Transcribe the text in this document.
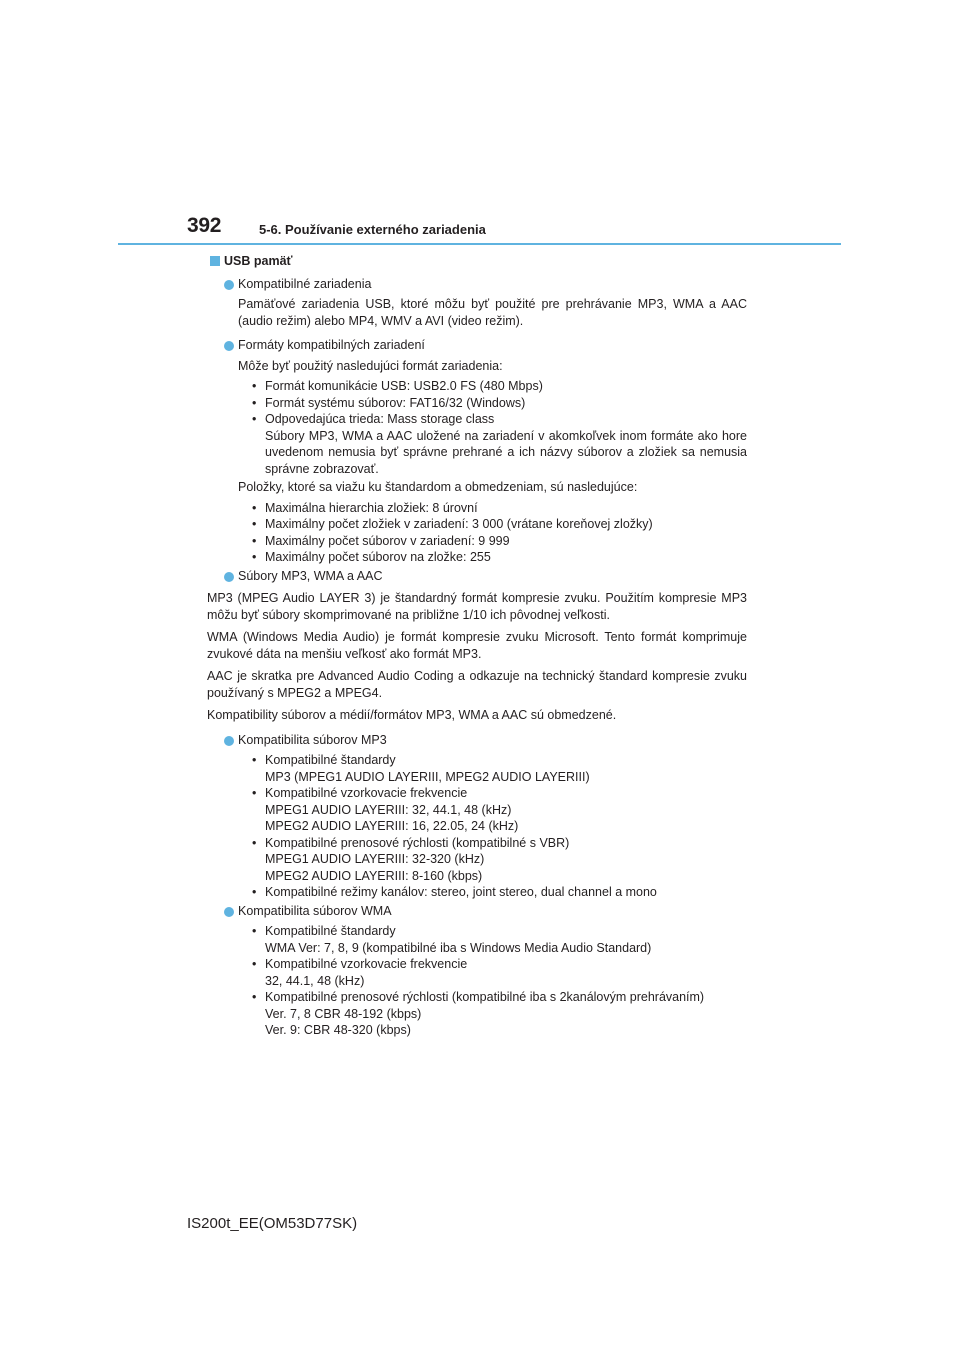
392	5-6. Používanie externého zariadenia
USB pamäť
Kompatibilné zariadenia
Pamäťové zariadenia USB, ktoré môžu byť použité pre prehrávanie MP3, WMA a AAC (audio režim) alebo MP4, WMV a AVI (video režim).
Formáty kompatibilných zariadení
Môže byť použitý nasledujúci formát zariadenia:
• Formát komunikácie USB: USB2.0 FS (480 Mbps)
• Formát systému súborov: FAT16/32 (Windows)
• Odpovedajúca trieda: Mass storage class
Súbory MP3, WMA a AAC uložené na zariadení v akomkoľvek inom formáte ako hore uvedenom nemusia byť správne prehrané a ich názvy súborov a zložiek sa nemusia správne zobrazovať.
Položky, ktoré sa viažu ku štandardom a obmedzeniam, sú nasledujúce:
• Maximálna hierarchia zložiek: 8 úrovní
• Maximálny počet zložiek v zariadení: 3 000 (vrátane koreňovej zložky)
• Maximálny počet súborov v zariadení: 9 999
• Maximálny počet súborov na zložke: 255
Súbory MP3, WMA a AAC
MP3 (MPEG Audio LAYER 3) je štandardný formát kompresie zvuku. Použitím kompresie MP3 môžu byť súbory skomprimované na približne 1/10 ich pôvodnej veľkosti.
WMA (Windows Media Audio) je formát kompresie zvuku Microsoft. Tento formát komprimuje zvukové dáta na menšiu veľkosť ako formát MP3.
AAC je skratka pre Advanced Audio Coding a odkazuje na technický štandard kompresie zvuku používaný s MPEG2 a MPEG4.
Kompatibility súborov a médií/formátov MP3, WMA a AAC sú obmedzené.
Kompatibilita súborov MP3
• Kompatibilné štandardy
MP3 (MPEG1 AUDIO LAYERIII, MPEG2 AUDIO LAYERIII)
• Kompatibilné vzorkovacie frekvencie
MPEG1 AUDIO LAYERIII: 32, 44.1, 48 (kHz)
MPEG2 AUDIO LAYERIII: 16, 22.05, 24 (kHz)
• Kompatibilné prenosové rýchlosti (kompatibilné s VBR)
MPEG1 AUDIO LAYERIII: 32-320 (kHz)
MPEG2 AUDIO LAYERIII: 8-160 (kbps)
• Kompatibilné režimy kanálov: stereo, joint stereo, dual channel a mono
Kompatibilita súborov WMA
• Kompatibilné štandardy
WMA Ver: 7, 8, 9 (kompatibilné iba s Windows Media Audio Standard)
• Kompatibilné vzorkovacie frekvencie
32, 44.1, 48 (kHz)
• Kompatibilné prenosové rýchlosti (kompatibilné iba s 2kanálovým prehrávaním)
Ver. 7, 8 CBR 48-192 (kbps)
Ver. 9: CBR 48-320 (kbps)
IS200t_EE(OM53D77SK)
